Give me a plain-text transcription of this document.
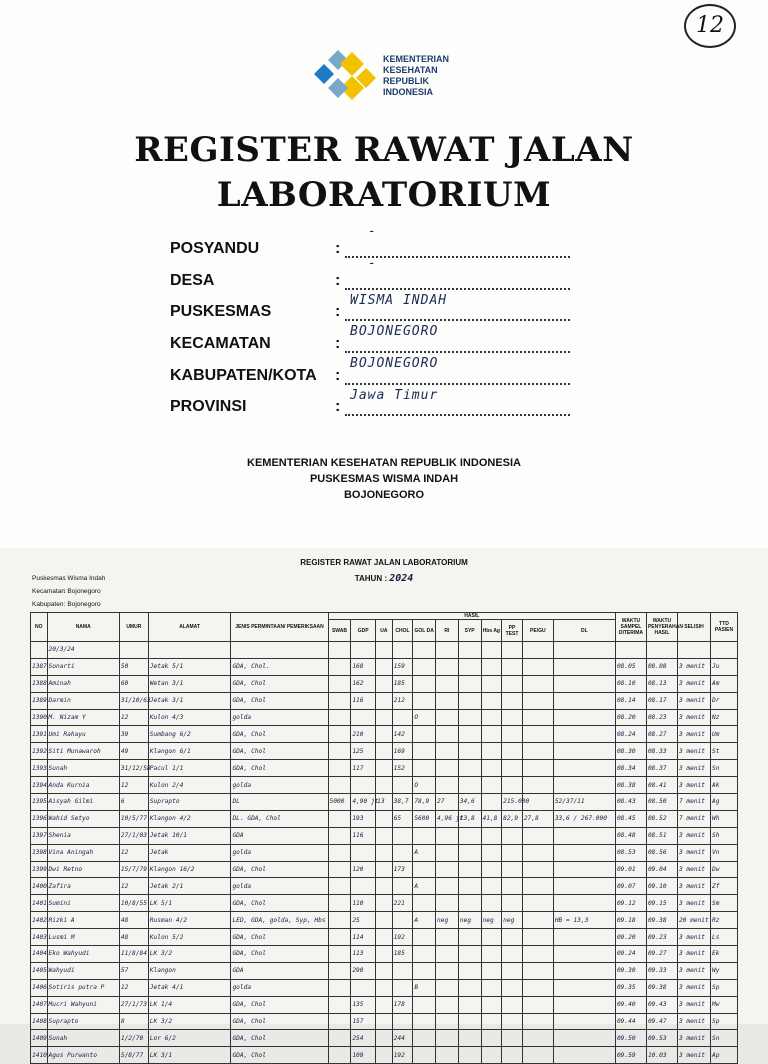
12
KEMENTERIAN
KESEHATAN
REPUBLIK
INDONESIA
REGISTER RAWAT JALAN
LABORATORIUM
POSYANDU	:
-
DESA	:
-
PUSKESMAS	:
WISMA INDAH
KECAMATAN	:
BOJONEGORO
KABUPATEN/KOTA :
BOJONEGORO
PROVINSI	:
Jawa Timur
KEMENTERIAN KESEHATAN REPUBLIK INDONESIA
PUSKESMAS WISMA INDAH
BOJONEGORO
REGISTER RAWAT JALAN LABORATORIUM
TAHUN : 2024
Puskesmas : Wisma Indah
Kecamatan : Bojonegoro
Kabupaten : Bojonegoro
NO	NAMA	UMUR	ALAMAT	JENIS PERMINTAAN/ PEMERIKSAAN	HASIL											WAKTU SAMPEL DITERIMA	WAKTU PENYERAHAN HASIL	SELISIH	TTD PASIEN
					SWAB	GDP	UA	CHOL	GOL DA	RI	SYP	Hbs Ag	PP TEST	PE/GU	DL				
	20/3/24																		
1387	Sonarti	50	Jetak 5/1	GDA, Chol.		168		159								08.05	08.08	3 menit	Ju
1388	Aminah	60	Wetan 3/1	GDA, Chol		162		185								08.10	08.13	3 menit	Am
1389	Darmin	31/10/63	Jetak 3/1	GDA, Chol		116		212								08.14	08.17	3 menit	Dr
1390	M. Nizam Y	12	Kulon 4/3	golda					O							08.20	08.23	3 menit	Nz
1391	Umi Rahayu	39	Sumbang 6/2	GDA, Chol		210		142								08.24	08.27	3 menit	Um
1392	Siti Munawaroh	49	Klangon 6/1	GDA, Chol		125		169								08.30	08.33	3 menit	St
1393	Sunah	31/12/58	Pacul 1/1	GDA, Chol		117		152								08.34	08.37	3 menit	Sn
1394	Anda Kurnia	12	Kulon 2/4	golda					O							08.38	08.41	3 menit	Ak
1395	Aisyah Gilmi	6	Suprapto	DL	5000	4,90 jt	13	38,7	78,9	27	34,6		215.000		52/37/11	08.43	08.50	7 menit	Ag
1396	Wahid Setyo	10/5/77	Klangon 4/2	DL. GDA, Chol		193		65	5600	4,96 jt	13,8	41,8	82,9	27,8	33,6 / 267.000	08.45	08.52	7 menit	Wh
1397	Shenia	27/1/03	Jetak 10/1	GDA		116										08.48	08.51	3 menit	Sh
1398	Vina Aningah	12	Jetak	golda					A							08.53	08.56	3 menit	Vn
1399	Dwi Retno	15/7/79	Klangon 16/2	GDA, Chol		120		173								09.01	09.04	3 menit	Dw
1400	Zafira	12	Jetak 2/1	golda					A							09.07	09.10	3 menit	Zf
1401	Sumini	10/8/55	LK 5/1	GDA, Chol		110		221								09.12	09.15	3 menit	Sm
1402	Rizki A	48	Rusman 4/2	LED, GDA, golda, Syp, Hbs		25			A	neg	neg	neg	neg		HB = 13,3	09.18	09.38	20 menit	Rz
1403	Lusmi M	48	Kulon 5/2	GDA, Chol		114		192								09.20	09.23	3 menit	Ls
1404	Eko Wahyudi	11/8/84	LK 3/2	GDA, Chol		113		185								09.24	09.27	3 menit	Ek
1405	Wahyudi	57	Klangon	GDA		290										09.30	09.33	3 menit	Wy
1406	Sotiris putra P	12	Jetak 4/1	golda					B							09.35	09.38	3 menit	Sp
1407	Mucri Wahyuni	27/1/73	LK 1/4	GDA, Chol		135		178								09.40	09.43	3 menit	Mw
1408	Suprapto	8	LK 3/2	GDA, Chol		157										09.44	09.47	3 menit	Sp
1409	Sunah	1/2/70	Lor 6/2	GDA, Chol		254		244								09.50	09.53	3 menit	Sn
1410	Agus Purwanto	5/8/77	LK 3/1	GDA, Chol		109		192								09.59	10.03	3 menit	Ap
